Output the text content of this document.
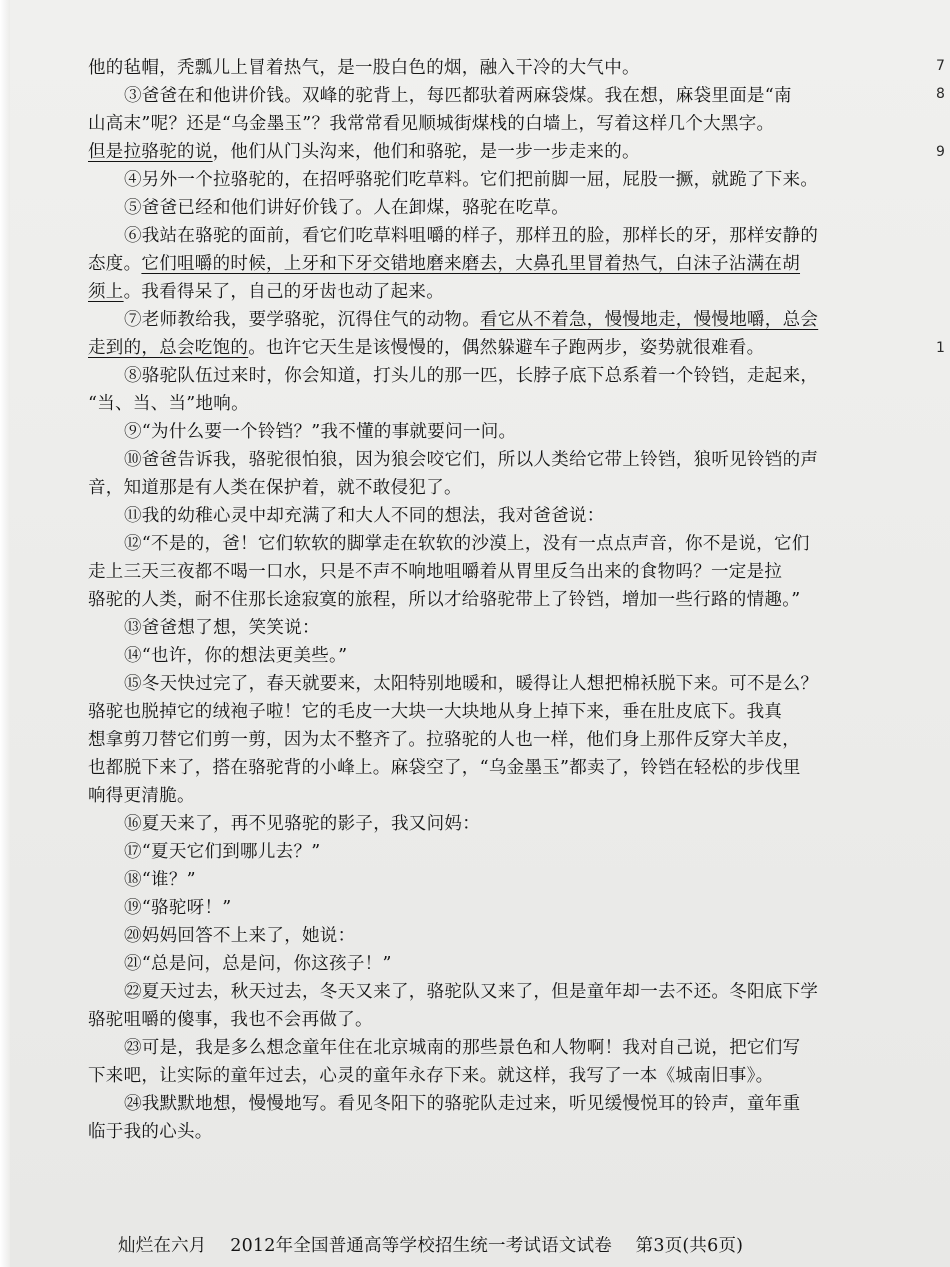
他的毡帽，秃瓢儿上冒着热气，是一股白色的烟，融入干冷的大气中。
③爸爸在和他讲价钱。双峰的驼背上，每匹都驮着两麻袋煤。我在想，麻袋里面是“南
山高末”呢？还是“乌金墨玉”？我常常看见顺城街煤栈的白墙上，写着这样几个大黑字。
但是拉骆驼的说，他们从门头沟来，他们和骆驼，是一步一步走来的。
④另外一个拉骆驼的，在招呼骆驼们吃草料。它们把前脚一屈，屁股一撅，就跪了下来。
⑤爸爸已经和他们讲好价钱了。人在卸煤，骆驼在吃草。
⑥我站在骆驼的面前，看它们吃草料咀嚼的样子，那样丑的脸，那样长的牙，那样安静的
态度。它们咀嚼的时候，上牙和下牙交错地磨来磨去，大鼻孔里冒着热气，白沫子沾满在胡
须上。我看得呆了，自己的牙齿也动了起来。
⑦老师教给我，要学骆驼，沉得住气的动物。看它从不着急，慢慢地走，慢慢地嚼，总会
走到的，总会吃饱的。也许它天生是该慢慢的，偶然躲避车子跑两步，姿势就很难看。
⑧骆驼队伍过来时，你会知道，打头儿的那一匹，长脖子底下总系着一个铃铛，走起来，
“当、当、当”地响。
⑨“为什么要一个铃铛？”我不懂的事就要问一问。
⑩爸爸告诉我，骆驼很怕狼，因为狼会咬它们，所以人类给它带上铃铛，狼听见铃铛的声
音，知道那是有人类在保护着，就不敢侵犯了。
⑪我的幼稚心灵中却充满了和大人不同的想法，我对爸爸说：
⑫“不是的，爸！它们软软的脚掌走在软软的沙漠上，没有一点点声音，你不是说，它们
走上三天三夜都不喝一口水，只是不声不响地咀嚼着从胃里反刍出来的食物吗？一定是拉
骆驼的人类，耐不住那长途寂寞的旅程，所以才给骆驼带上了铃铛，增加一些行路的情趣。”
⑬爸爸想了想，笑笑说：
⑭“也许，你的想法更美些。”
⑮冬天快过完了，春天就要来，太阳特别地暖和，暖得让人想把棉袄脱下来。可不是么？
骆驼也脱掉它的绒袍子啦！它的毛皮一大块一大块地从身上掉下来，垂在肚皮底下。我真
想拿剪刀替它们剪一剪，因为太不整齐了。拉骆驼的人也一样，他们身上那件反穿大羊皮，
也都脱下来了，搭在骆驼背的小峰上。麻袋空了，“乌金墨玉”都卖了，铃铛在轻松的步伐里
响得更清脆。
⑯夏天来了，再不见骆驼的影子，我又问妈：
⑰“夏天它们到哪儿去？”
⑱“谁？”
⑲“骆驼呀！”
⑳妈妈回答不上来了，她说：
㉑“总是问，总是问，你这孩子！”
㉒夏天过去，秋天过去，冬天又来了，骆驼队又来了，但是童年却一去不还。冬阳底下学
骆驼咀嚼的傻事，我也不会再做了。
㉓可是，我是多么想念童年住在北京城南的那些景色和人物啊！我对自己说，把它们写
下来吧，让实际的童年过去，心灵的童年永存下来。就这样，我写了一本《城南旧事》。
㉔我默默地想，慢慢地写。看见冬阳下的骆驼队走过来，听见缓慢悦耳的铃声，童年重
临于我的心头。
灿烂在六月 2012年全国普通高等学校招生统一考试语文试卷 第3页(共6页)
7
8
9
1
